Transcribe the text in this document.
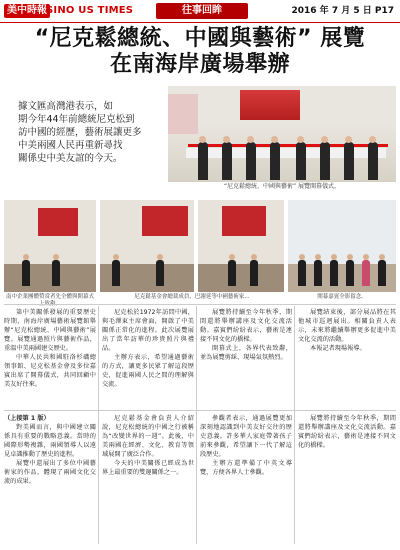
美中時報 SINO US TIMES	往事回眸	2016 年 7 月 5 日 P17
“尼克鬆總統、中國與藝術” 展覽
在南海岸廣場舉辦

據文匯高灣港表示，如

期今年44年前總統尼克松到

訪中國的經歷，藝術展讓更多

中美兩國人民再重新尋找

關係史中美友誼的今天。

“尼克鬆總統、中國與藝術” 展覽開幕儀式。
南中企業團體赞赏者先全體與開幕式	尼克鬆基金會總裁成員，巴謝延等中國藝術家...	開幕嘉賓全影留念。

第中美關係發展的重要歷史時期，南海岸廣場藝術展覽館舉辦“尼克松總統、中國與藝術”展覽。展覽通過照片與藝術作品，重溫中美兩國建交歷史。

中華人民共和國駐洛杉磯總領事館、尼克松基金會及多位嘉賓出席了開幕儀式，共同回顧中美友好往來。

尼克松於1972年訪問中國，與毛澤東主席會面，開啟了中美關係正常化的進程。此次展覽展出了當年訪華的珍貴照片與禮品。

主辦方表示，希望通過藝術的方式，讓更多民眾了解這段歷史，促進兩國人民之間的理解與交流。

展覽將持續至今年秋季，期間還將舉辦講座及文化交流活動。嘉賓們紛紛表示，藝術是連接不同文化的橋樑。

開幕式上，各界代表致辭，並為展覽剪綵，現場氣氛熱烈。

展覽結束後，部分展品將在其他城市巡迴展出。相關負責人表示，未來將繼續舉辦更多促進中美文化交流的活動。

本報記者現場報導。

（上接第 1 版）

對美國而言，與中國建立關係具有重要的戰略意義。當時的國際形勢複雜，兩國領導人以遠見卓識推動了歷史的進程。

展覽中還展出了多位中國藝術家的作品，體現了兩國文化交流的成果。

尼克鬆基金會負責人介紹說，尼克松總統的中國之行被稱為“改變世界的一週”。此後，中美兩國在經濟、文化、教育等領域展開了廣泛合作。

今天的中美關係已經成為世界上最重要的雙邊關係之一。

參觀者表示，通過展覽更加深刻地認識到中美友好交往的歷史意義。許多華人家庭帶著孩子前來參觀，希望讓下一代了解這段歷史。

主辦方還準備了中英文導覽，方便各界人士參觀。

展覽將持續至今年秋季，期間還將舉辦講座及文化交流活動。嘉賓們紛紛表示，藝術是連接不同文化的橋樑。
